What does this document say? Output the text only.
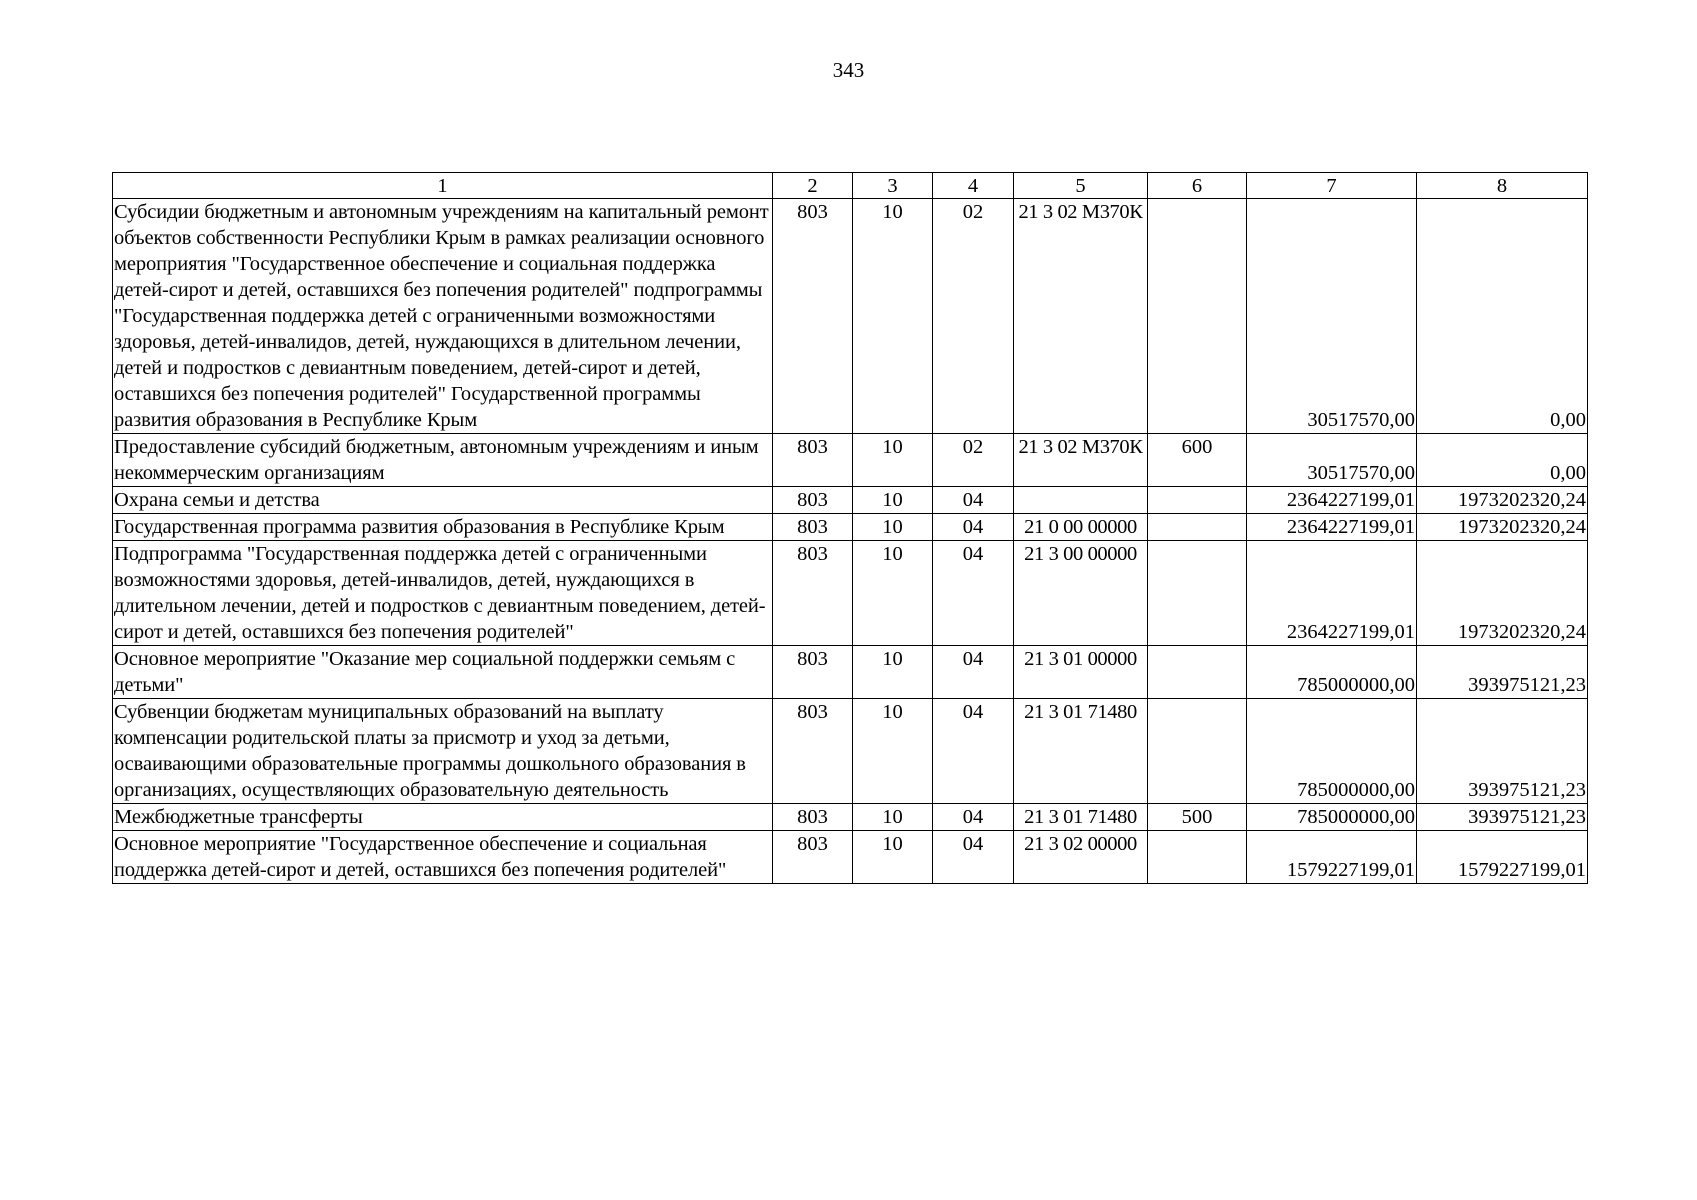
343
1	2	3	4	5	6	7	8
Субсидии бюджетным и автономным учреждениям на капитальный ремонт объектов собственности Республики Крым в рамках реализации основного мероприятия "Государственное обеспечение и социальная поддержка детей-сирот и детей, оставшихся без попечения родителей" подпрограммы "Государственная поддержка детей с ограниченными возможностями здоровья, детей-инвалидов, детей, нуждающихся в длительном лечении, детей и подростков с девиантным поведением, детей-сирот и детей, оставшихся без попечения родителей" Государственной программы развития образования в Республике Крым	803	10	02	21 3 02 М370К		30517570,00	0,00
Предоставление субсидий бюджетным, автономным учреждениям и иным некоммерческим организациям	803	10	02	21 3 02 М370К	600	30517570,00	0,00
Охрана семьи и детства	803	10	04			2364227199,01	1973202320,24
Государственная программа развития образования в Республике Крым	803	10	04	21 0 00 00000		2364227199,01	1973202320,24
Подпрограмма "Государственная поддержка детей с ограниченными возможностями здоровья, детей-инвалидов, детей, нуждающихся в длительном лечении, детей и подростков с девиантным поведением, детей-сирот и детей, оставшихся без попечения родителей"	803	10	04	21 3 00 00000		2364227199,01	1973202320,24
Основное мероприятие "Оказание мер социальной поддержки семьям с детьми"	803	10	04	21 3 01 00000		785000000,00	393975121,23
Субвенции бюджетам муниципальных образований на выплату компенсации родительской платы за присмотр и уход за детьми, осваивающими образовательные программы дошкольного образования в организациях, осуществляющих образовательную деятельность	803	10	04	21 3 01 71480		785000000,00	393975121,23
Межбюджетные трансферты	803	10	04	21 3 01 71480	500	785000000,00	393975121,23
Основное мероприятие "Государственное обеспечение и социальная поддержка детей-сирот и детей, оставшихся без попечения родителей"	803	10	04	21 3 02 00000		1579227199,01	1579227199,01
